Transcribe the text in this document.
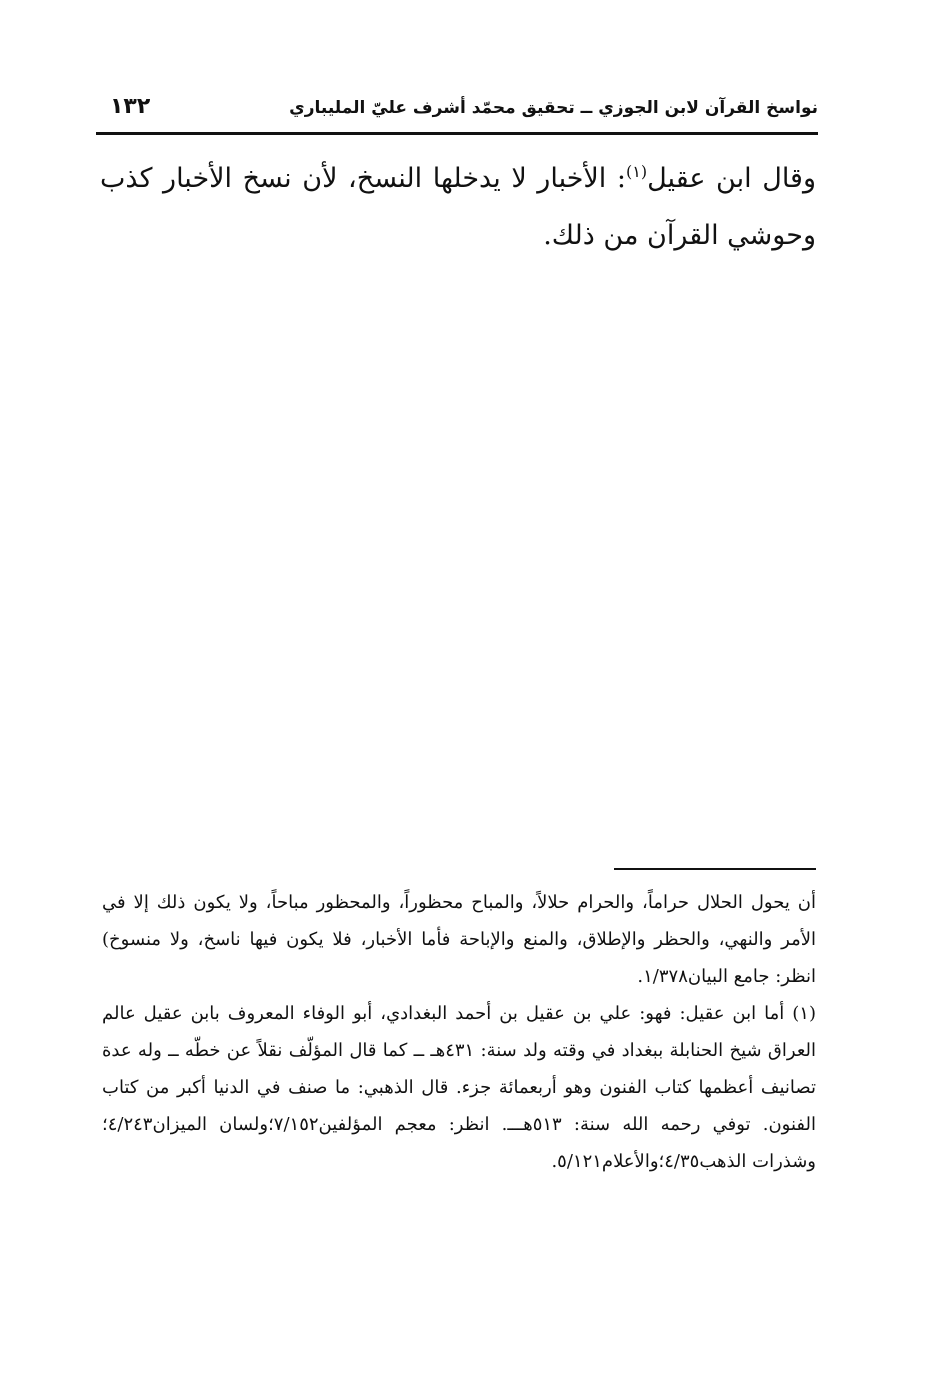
نواسخ القرآن لابن الجوزي ــ تحقيق محمّد أشرف عليّ المليباري
١٣٢

وقال ابن عقيل$^{(١)}$: الأخبار لا يدخلها النسخ، لأن نسخ الأخبار كذب وحوشي القرآن من ذلك.

أن يحول الحلال حراماً، والحرام حلالاً، والمباح محظوراً، والمحظور مباحاً، ولا يكون ذلك إلا في الأمر والنهي، والحظر والإطلاق، والمنع والإباحة فأما الأخبار، فلا يكون فيها ناسخ، ولا منسوخ) انظر: جامع البيان١/٣٧٨.

(١)أما ابن عقيل: فهو: علي بن عقيل بن أحمد البغدادي، أبو الوفاء المعروف بابن عقيل عالم العراق شيخ الحنابلة ببغداد في وقته ولد سنة: ٤٣١هـ ــ كما قال المؤلّف نقلاً عن خطّه ــ وله عدة تصانيف أعظمها كتاب الفنون وهو أربعمائة جزء. قال الذهبي: ما صنف في الدنيا أكبر من كتاب الفنون. توفي رحمه الله سنة: ٥١٣هـــ. انظر: معجم المؤلفين٧/١٥٢؛ولسان الميزان٤/٢٤٣؛وشذرات الذهب٤/٣٥؛والأعلام٥/١٢١.
